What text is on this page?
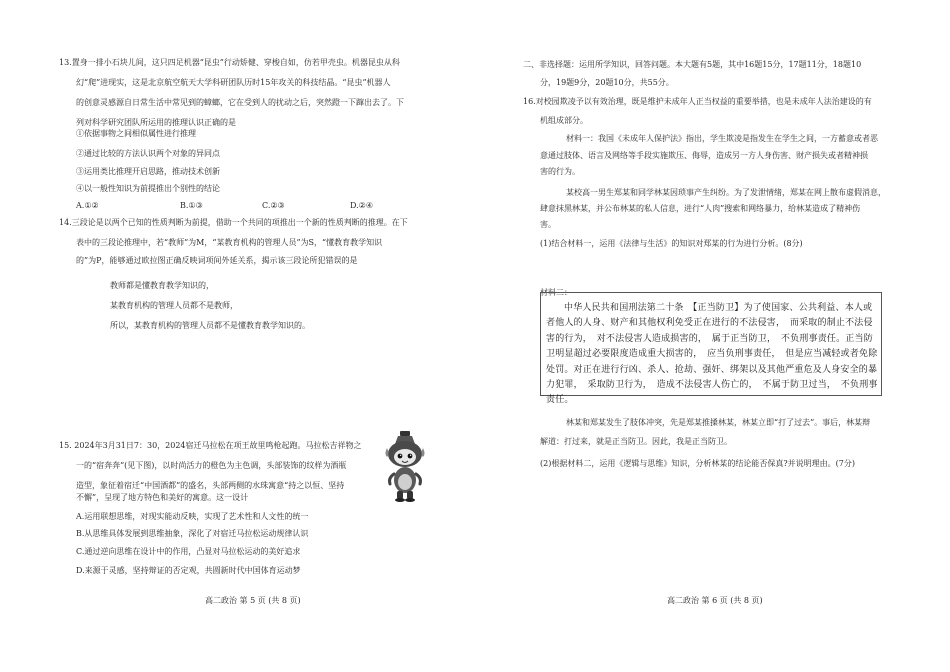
13.置身一排小石块儿间，这只四足机器“昆虫”行动矫健、穿梭自如，仿若甲壳虫。机器昆虫从科
幻“爬”进现实，这是北京航空航天大学科研团队历时15年攻关的科技结晶。“昆虫”机器人
的创意灵感源自日常生活中常见到的蟑螂，它在受到人的扰动之后，突然蹬一下蹿出去了。下
列对科学研究团队所运用的推理认识正确的是
①依据事物之间相似属性进行推理
②通过比较的方法认识两个对象的异同点
③运用类比推理开启思路，推动技术创新
④以一般性知识为前提推出个别性的结论
A.①②	B.①③	C.②③	D.②④
14.三段论是以两个已知的性质判断为前提，借助一个共同的项推出一个新的性质判断的推理。在下
表中的三段论推理中，若“教师”为M，“某教育机构的管理人员”为S，“懂教育教学知识
的”为P，能够通过欧拉图正确反映词项间外延关系，揭示该三段论所犯错误的是
教师都是懂教育教学知识的，
某教育机构的管理人员都不是教师，
所以，某教育机构的管理人员都不是懂教育教学知识的。
15. 2024年3月31日7：30，2024宿迁马拉松在项王故里鸣枪起跑。马拉松吉祥物之
一的“宿奔奔”(见下图)，以时尚活力的橙色为主色调，头部装饰的纹样为酒瓶
造型，象征着宿迁“中国酒都”的盛名，头部两侧的水珠寓意“持之以恒、坚持
不懈”，呈现了地方特色和美好的寓意。这一设计
A.运用联想思维，对现实能动反映，实现了艺术性和人文性的统一
B.从思维具体发展到思维抽象，深化了对宿迁马拉松运动规律认识
C.通过逆向思维在设计中的作用，凸显对马拉松运动的美好追求
D.来源于灵感，坚持辩证的否定观，共圆新时代中国体育运动梦
高二政治 第 5 页 (共 8 页)
二、非选择题：运用所学知识，回答问题。本大题有5题，其中16题15分，17题11分，18题10
分，19题9分，20题10分，共55分。
16.对校园欺凌予以有效治理，既是维护未成年人正当权益的重要举措，也是未成年人法治建设的有
机组成部分。
材料一：我国《未成年人保护法》指出，学生欺凌是指发生在学生之间，一方蓄意或者恶
意通过肢体、语言及网络等手段实施欺压、侮辱，造成另一方人身伤害、财产损失或者精神损
害的行为。
某校高一男生郑某和同学林某因琐事产生纠纷。为了发泄情绪，郑某在网上散布虚假消息，
肆意抹黑林某，并公布林某的私人信息，进行“人肉”搜索和网络暴力，给林某造成了精神伤
害。
(1)结合材料一，运用《法律与生活》的知识对郑某的行为进行分析。(8分)
材料二：
中华人民共和国刑法第二十条　【正当防卫】为了使国家、公共利益、本人或者他人的人身、财产和其他权利免受正在进行的不法侵害，　而采取的制止不法侵害的行为，　对不法侵害人造成损害的，　属于正当防卫，　不负刑事责任。正当防卫明显超过必要限度造成重大损害的，　应当负刑事责任，　但是应当减轻或者免除处罚。对正在进行行凶、杀人、抢劫、强奸、绑架以及其他严重危及人身安全的暴力犯罪，　采取防卫行为，　造成不法侵害人伤亡的，　不属于防卫过当，　不负刑事责任。
林某和郑某发生了肢体冲突，先是郑某推搡林某，林某立即“打了过去”。事后，林某辩
解道：打过来，就是正当防卫。因此，我是正当防卫。
(2)根据材料二，运用《逻辑与思维》知识，分析林某的结论能否保真?并说明理由。(7分)
高二政治 第 6 页 (共 8 页)
